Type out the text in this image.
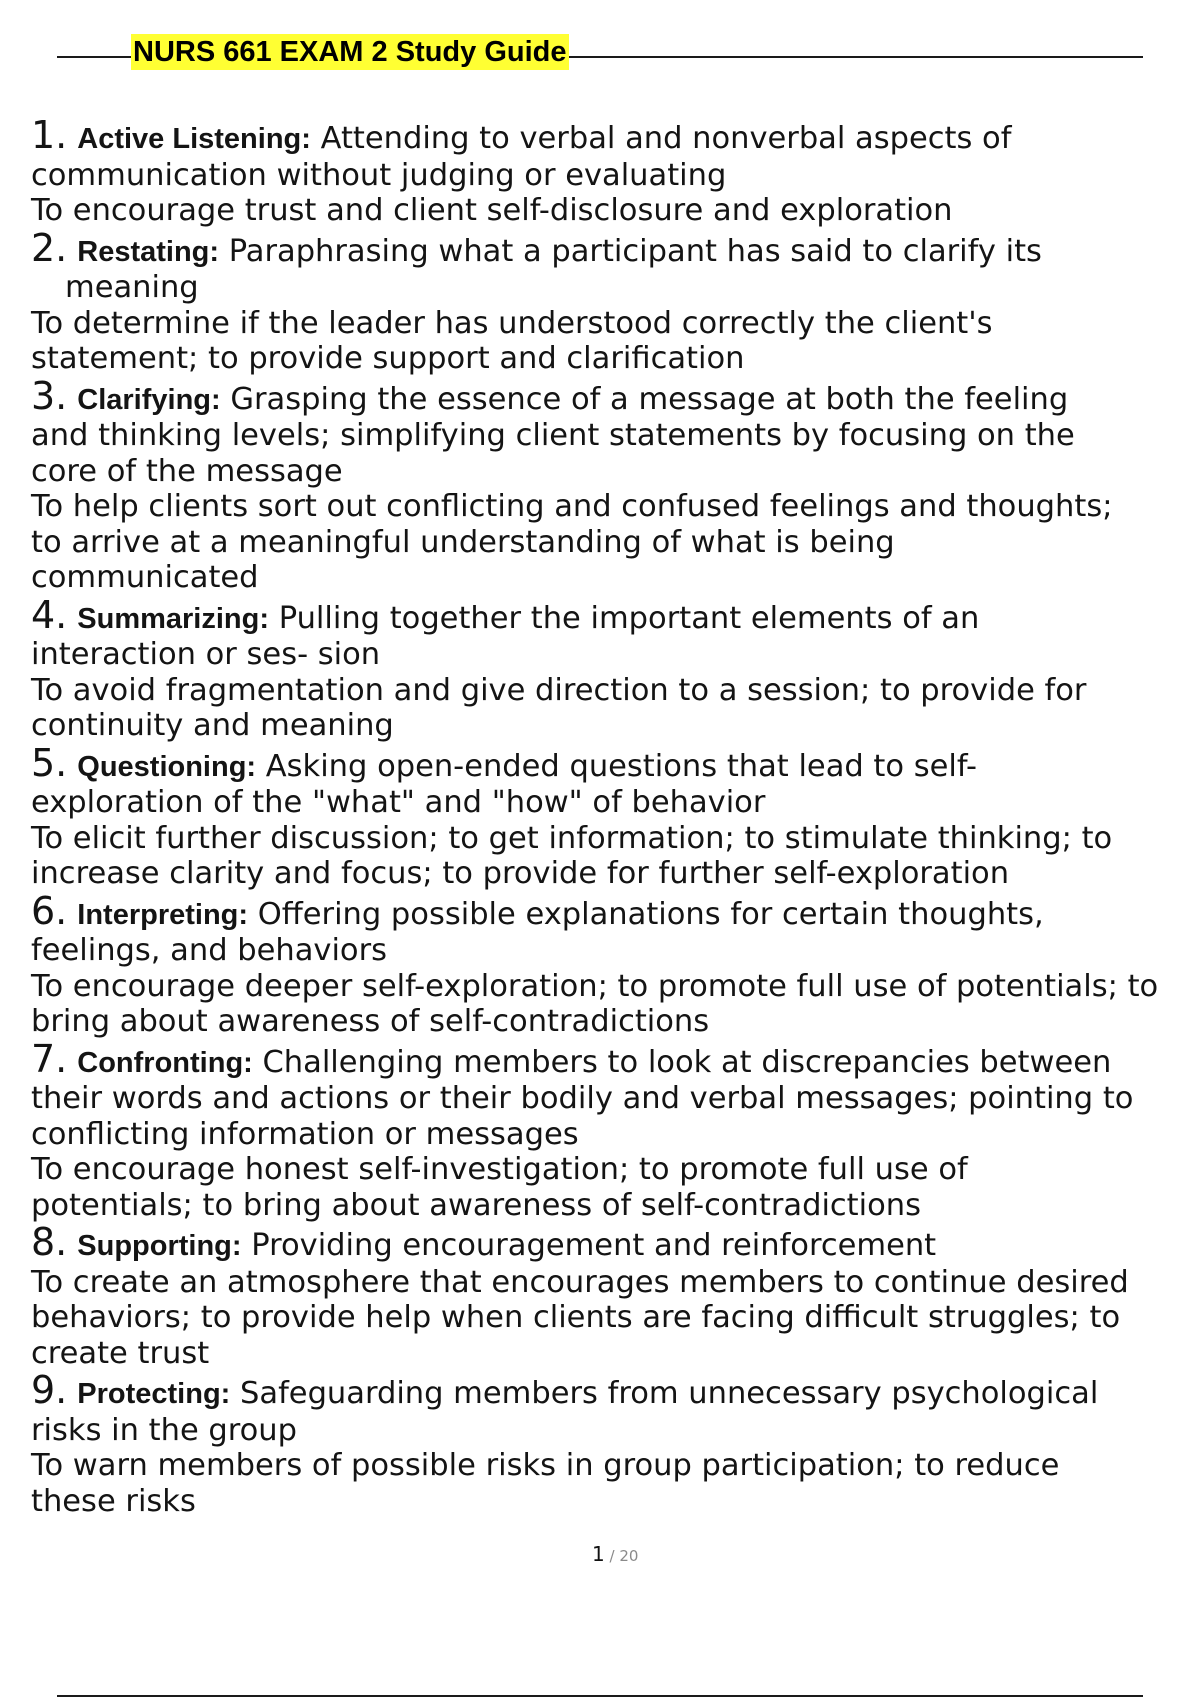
NURS 661 EXAM 2 Study Guide
1. Active Listening: Attending to verbal and nonverbal aspects of
communication without judging or evaluating
To encourage trust and client self-disclosure and exploration
2. Restating: Paraphrasing what a participant has said to clarify its
meaning
To determine if the leader has understood correctly the client's
statement; to provide support and clarification
3. Clarifying: Grasping the essence of a message at both the feeling
and thinking levels; simplifying client statements by focusing on the
core of the message
To help clients sort out conflicting and confused feelings and thoughts;
to arrive at a meaningful understanding of what is being
communicated
4. Summarizing: Pulling together the important elements of an
interaction or ses- sion
To avoid fragmentation and give direction to a session; to provide for
continuity and meaning
5. Questioning: Asking open-ended questions that lead to self-
exploration of the "what" and "how" of behavior
To elicit further discussion; to get information; to stimulate thinking; to
increase clarity and focus; to provide for further self-exploration
6. Interpreting: Offering possible explanations for certain thoughts,
feelings, and behaviors
To encourage deeper self-exploration; to promote full use of potentials; to
bring about awareness of self-contradictions
7. Confronting: Challenging members to look at discrepancies between
their words and actions or their bodily and verbal messages; pointing to
conflicting information or messages
To encourage honest self-investigation; to promote full use of
potentials; to bring about awareness of self-contradictions
8. Supporting: Providing encouragement and reinforcement
To create an atmosphere that encourages members to continue desired
behaviors; to provide help when clients are facing difficult struggles; to
create trust
9. Protecting: Safeguarding members from unnecessary psychological
risks in the group
To warn members of possible risks in group participation; to reduce
these risks
1 / 20
